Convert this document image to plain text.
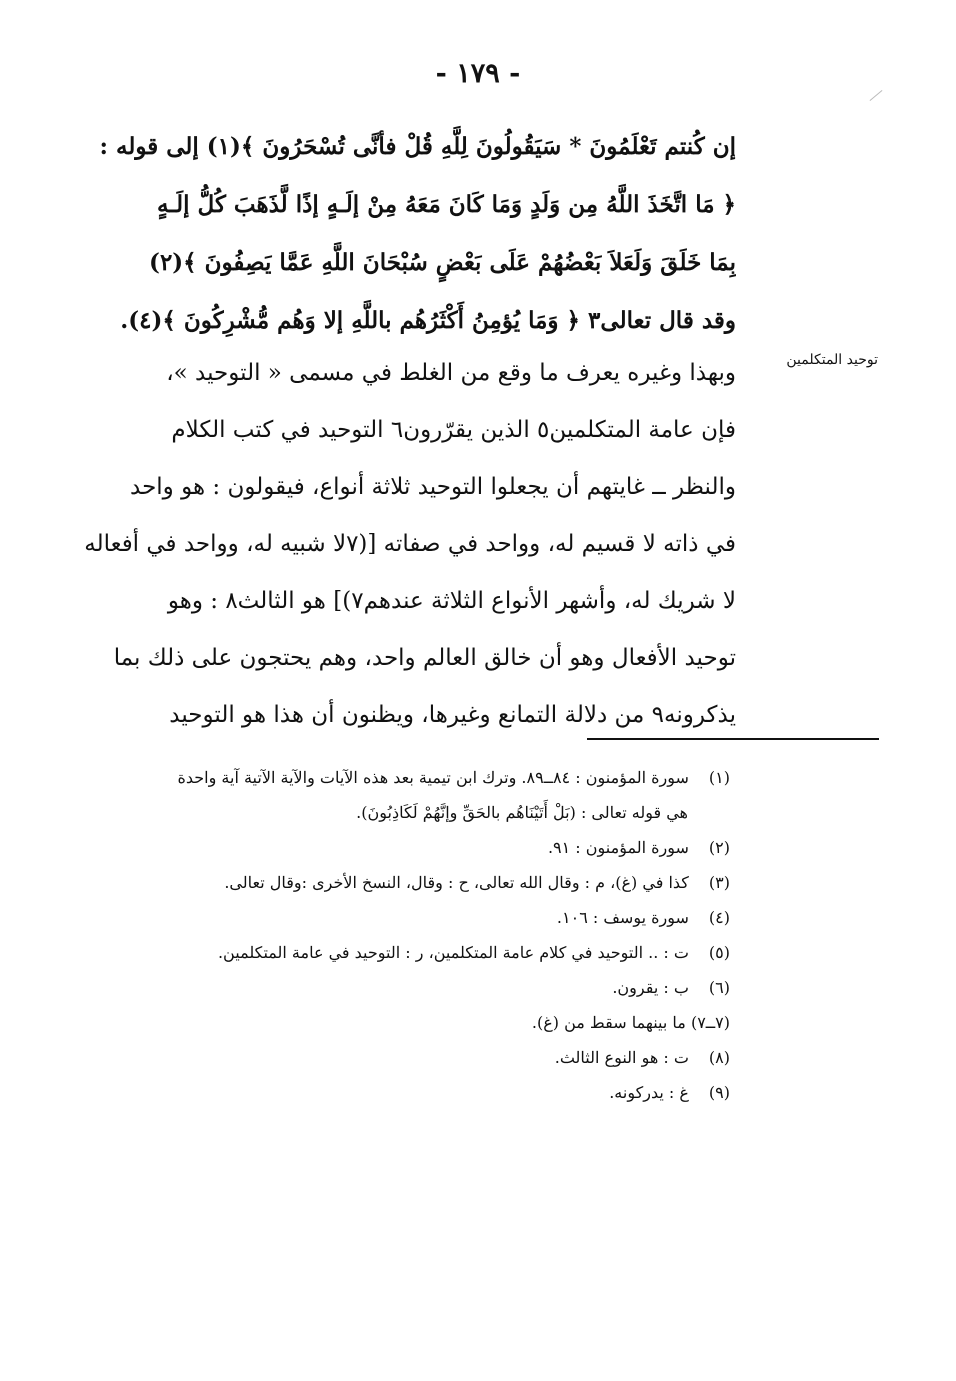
- ١٧٩ -

إن كُنتم تَعْلَمُونَ * سَيَقُولُونَ لِلَّهِ قُلْ فأنَّى تُسْحَرُونَ ﴾(١) إلى قوله :

﴿ مَا اتَّخَذَ اللَّهُ مِن وَلَدٍ وَمَا كَانَ مَعَهُ مِنْ إلَـهٍ إذًا لَّذَهَبَ كُلُّ إلَـهٍ

بِمَا خَلَقَ وَلَعَلاَ بَعْضُهُمْ عَلَى بَعْضٍ سُبْحَانَ اللَّهِ عَمَّا يَصِفُونَ ﴾(٢)

وقد قال تعالى٣ ﴿ وَمَا يُؤمِنُ أَكْثَرُهُم باللَّهِ إلا وَهُم مُّشْرِكُونَ ﴾(٤).

توحيد المتكلمين

وبهذا وغيره يعرف ما وقع من الغلط في مسمى « التوحيد »،

فإن عامة المتكلمين٥ الذين يقرّرون٦ التوحيد في كتب الكلام

والنظر ــ غايتهم أن يجعلوا التوحيد ثلاثة أنواع، فيقولون : هو واحد

في ذاته لا قسيم له، وواحد في صفاته [(٧لا شبيه له، وواحد في أفعاله

لا شريك له، وأشهر الأنواع الثلاثة عندهم٧)] هو الثالث٨ : وهو

توحيد الأفعال وهو أن خالق العالم واحد، وهم يحتجون على ذلك بما

يذكرونه٩ من دلالة التمانع وغيرها، ويظنون أن هذا هو التوحيد

(١) سورة المؤمنون : ٨٤ــ٨٩. وترك ابن تيمية بعد هذه الآيات والآية الآتية آية واحدة
هي قوله تعالى : (بَلْ أَتَيْنَاهُم بالحَقِّ وإنَّهُمْ لَكَاذِبُونَ).
(٢) سورة المؤمنون : ٩١.
(٣) كذا في (غ)، م : وقال الله تعالى، ح : وقال، النسخ الأخرى :وقال تعالى.
(٤) سورة يوسف : ١٠٦.
(٥) ت : .. التوحيد في كلام عامة المتكلمين، ر : التوحيد في عامة المتكلمين.
(٦) ب : يقرون.
(٧ــ٧) ما بينهما سقط من (غ).
(٨) ت : هو النوع الثالث.
(٩) غ : يدركونه.
